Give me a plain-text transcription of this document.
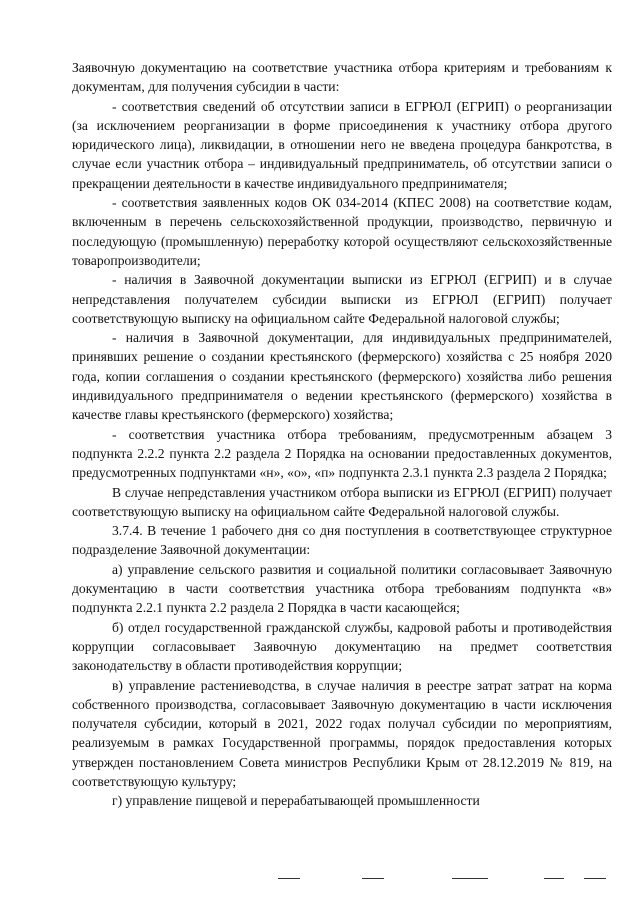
Заявочную документацию на соответствие участника отбора критериям и требованиям к документам, для получения субсидии в части:

- соответствия сведений об отсутствии записи в ЕГРЮЛ (ЕГРИП) о реорганизации (за исключением реорганизации в форме присоединения к участнику отбора другого юридического лица), ликвидации, в отношении него не введена процедура банкротства, в случае если участник отбора – индивидуальный предприниматель, об отсутствии записи о прекращении деятельности в качестве индивидуального предпринимателя;

- соответствия заявленных кодов ОК 034-2014 (КПЕС 2008) на соответствие кодам, включенным в перечень сельскохозяйственной продукции, производство, первичную и последующую (промышленную) переработку которой осуществляют сельскохозяйственные товаропроизводители;

- наличия в Заявочной документации выписки из ЕГРЮЛ (ЕГРИП) и в случае непредставления получателем субсидии выписки из ЕГРЮЛ (ЕГРИП) получает соответствующую выписку на официальном сайте Федеральной налоговой службы;

- наличия в Заявочной документации, для индивидуальных предпринимателей, принявших решение о создании крестьянского (фермерского) хозяйства с 25 ноября 2020 года, копии соглашения о создании крестьянского (фермерского) хозяйства либо решения индивидуального предпринимателя о ведении крестьянского (фермерского) хозяйства в качестве главы крестьянского (фермерского) хозяйства;

- соответствия участника отбора требованиям, предусмотренным абзацем 3 подпункта 2.2.2 пункта 2.2 раздела 2 Порядка на основании предоставленных документов, предусмотренных подпунктами «н», «о», «п» подпункта 2.3.1 пункта 2.3 раздела 2 Порядка;

В случае непредставления участником отбора выписки из ЕГРЮЛ (ЕГРИП) получает соответствующую выписку на официальном сайте Федеральной налоговой службы.

3.7.4. В течение 1 рабочего дня со дня поступления в соответствующее структурное подразделение Заявочной документации:

а) управление сельского развития и социальной политики согласовывает Заявочную документацию в части соответствия участника отбора требованиям подпункта «в» подпункта 2.2.1 пункта 2.2 раздела 2 Порядка в части касающейся;

б) отдел государственной гражданской службы, кадровой работы и противодействия коррупции согласовывает Заявочную документацию на предмет соответствия законодательству в области противодействия коррупции;

в) управление растениеводства, в случае наличия в реестре затрат затрат на корма собственного производства, согласовывает Заявочную документацию в части исключения получателя субсидии, который в 2021, 2022 годах получал субсидии по мероприятиям, реализуемым в рамках Государственной программы, порядок предоставления которых утвержден постановлением Совета министров Республики Крым от 28.12.2019 № 819, на соответствующую культуру;

г) управление пищевой и перерабатывающей промышленности
